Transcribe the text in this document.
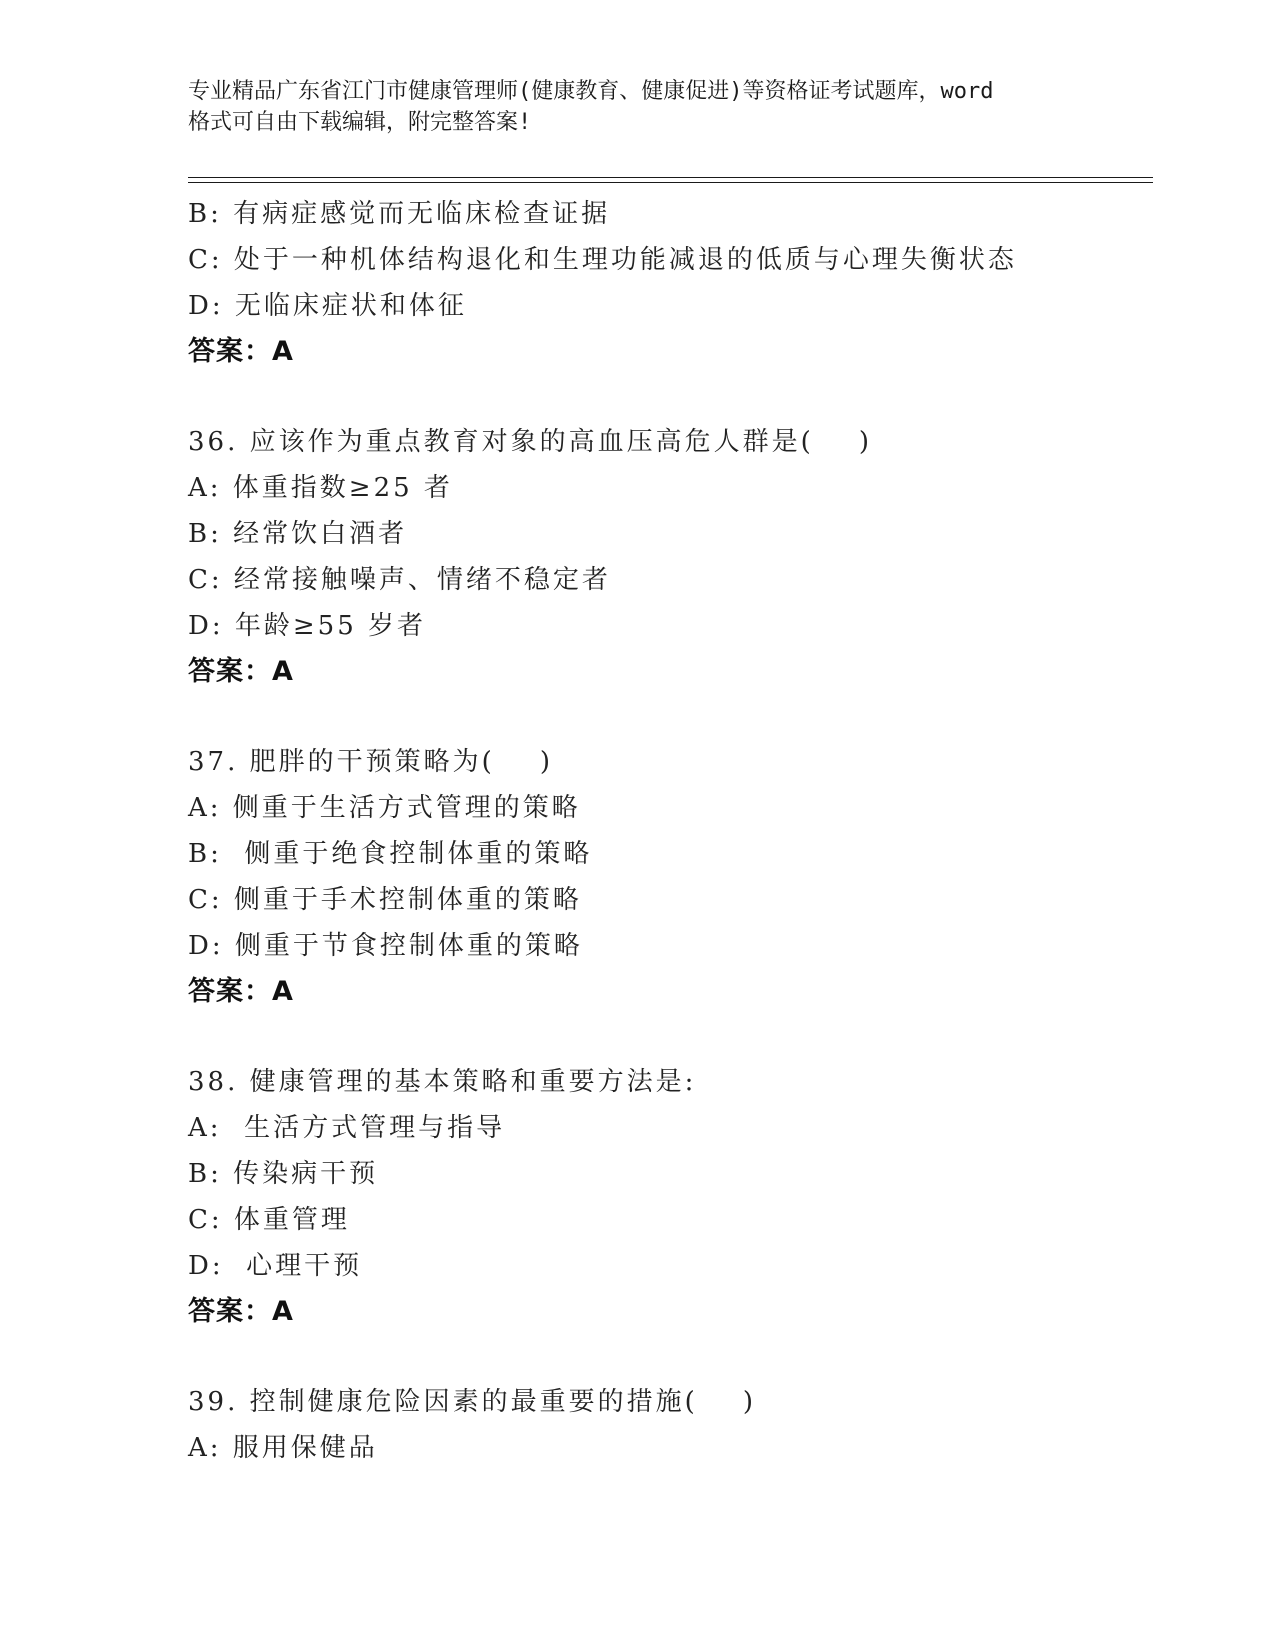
专业精品广东省江门市健康管理师(健康教育、健康促进)等资格证考试题库，word
格式可自由下载编辑，附完整答案!
B: 有病症感觉而无临床检查证据
C: 处于一种机体结构退化和生理功能减退的低质与心理失衡状态
D: 无临床症状和体征
答案：A
36. 应该作为重点教育对象的高血压高危人群是(    )
A: 体重指数≥25 者
B: 经常饮白酒者
C: 经常接触噪声、情绪不稳定者
D: 年龄≥55 岁者
答案：A
37. 肥胖的干预策略为(    )
A: 侧重于生活方式管理的策略
B:  侧重于绝食控制体重的策略
C: 侧重于手术控制体重的策略
D: 侧重于节食控制体重的策略
答案：A
38. 健康管理的基本策略和重要方法是:
A:  生活方式管理与指导
B: 传染病干预
C: 体重管理
D:  心理干预
答案：A
39. 控制健康危险因素的最重要的措施(    )
A: 服用保健品
